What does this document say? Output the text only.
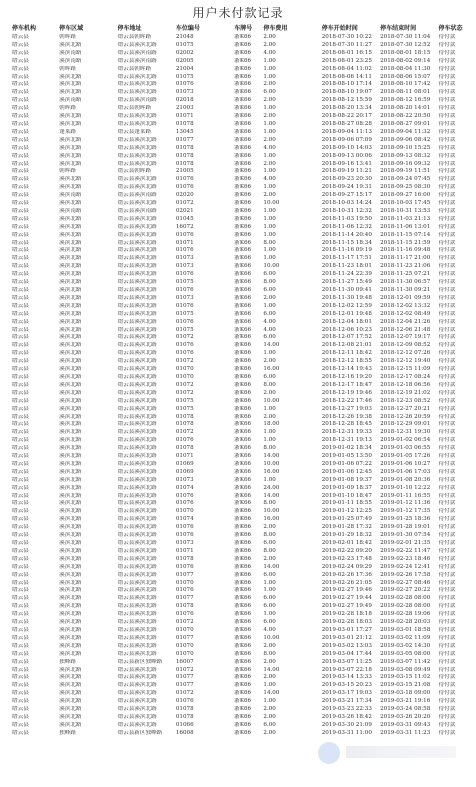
用户未付款记录
停车机构	停车区域	停车地址	车位编号	车牌号	停车费用	停车开始时间	停车结束时间	停车状态
缙云县	朝晖路	缙云县朝晖路	21048	浙K66	2.00	2018-07-30 10:22	2018-07-30 11:04	待付款
缙云县	溪滨北路	缙云县溪滨北路	01075	浙K66	2.00	2018-07-30 11:27	2018-07-30 12:52	待付款
缙云县	溪滨南路	缙云县溪滨南路	02002	浙K66	4.00	2018-08-01 16:15	2018-08-01 18:15	待付款
缙云县	溪滨南路	缙云县溪滨南路	02005	浙K66	1.00	2018-08-01 23:25	2018-08-02 09:14	待付款
缙云县	朝晖路	缙云县朝晖路	21004	浙K66	1.00	2018-08-04 11:02	2018-08-04 11:30	待付款
缙云县	溪滨北路	缙云县溪滨北路	01075	浙K66	1.00	2018-08-06 14:11	2018-08-06 15:07	待付款
缙云县	溪滨北路	缙云县溪滨北路	01076	浙K66	2.00	2018-08-10 17:14	2018-08-10 17:42	待付款
缙云县	溪滨北路	缙云县溪滨北路	01073	浙K66	6.00	2018-08-10 19:07	2018-08-11 08:01	待付款
缙云县	溪滨南路	缙云县溪滨南路	02018	浙K66	2.00	2018-08-12 15:59	2018-08-12 16:59	待付款
缙云县	朝晖路	缙云县朝晖路	21003	浙K66	1.00	2018-08-20 13:34	2018-08-20 14:01	待付款
缙云县	溪滨北路	缙云县溪滨北路	01071	浙K66	2.00	2018-08-22 20:17	2018-08-22 20:50	待付款
缙云县	溪滨北路	缙云县溪滨北路	01078	浙K66	1.00	2018-08-27 08:28	2018-08-27 09:01	待付款
缙云县	蓬莱路	缙云县蓬莱路	13045	浙K66	1.00	2018-09-04 11:13	2018-09-04 11:32	待付款
缙云县	溪滨北路	缙云县溪滨北路	01077	浙K66	2.00	2018-09-06 07:09	2018-09-06 08:42	待付款
缙云县	溪滨北路	缙云县溪滨北路	01078	浙K66	4.00	2018-09-10 14:03	2018-09-10 15:25	待付款
缙云县	溪滨北路	缙云县溪滨北路	01078	浙K66	1.00	2018-09-13 00:06	2018-09-13 08:32	待付款
缙云县	溪滨北路	缙云县溪滨北路	01078	浙K66	2.00	2018-09-16 13:41	2018-09-16 09:32	待付款
缙云县	朝晖路	缙云县朝晖路	21005	浙K66	1.00	2018-09-19 11:21	2018-09-19 11:51	待付款
缙云县	溪滨北路	缙云县溪滨北路	01076	浙K66	4.00	2018-09-23 20:30	2018-09-24 07:45	待付款
缙云县	溪滨北路	缙云县溪滨北路	01076	浙K66	1.00	2018-09-24 19:31	2018-09-25 08:30	待付款
缙云县	溪滨南路	缙云县溪滨南路	02020	浙K66	2.00	2018-09-27 15:17	2018-09-27 16:00	待付款
缙云县	溪滨北路	缙云县溪滨北路	01072	浙K66	10.00	2018-10-03 14:24	2018-10-03 17:45	待付款
缙云县	溪滨南路	缙云县溪滨南路	02021	浙K66	1.00	2018-10-31 12:32	2018-10-31 13:53	待付款
缙云县	溪滨北路	缙云县溪滨北路	01045	浙K66	1.00	2018-11-03 19:50	2018-11-03 21:13	待付款
缙云县	溪滨北路	缙云县溪滨北路	16072	浙K66	1.00	2018-11-06 12:32	2018-11-06 13:01	待付款
缙云县	溪滨北路	缙云县溪滨北路	01076	浙K66	1.00	2018-11-14 20:40	2018-11-15 07:14	待付款
缙云县	溪滨北路	缙云县溪滨北路	01071	浙K66	8.00	2018-11-15 18:34	2018-11-15 21:59	待付款
缙云县	溪滨北路	缙云县溪滨北路	01076	浙K66	1.00	2018-11-16 09:19	2018-11-16 09:48	待付款
缙云县	溪滨北路	缙云县溪滨北路	01073	浙K66	1.00	2018-11-17 17:51	2018-11-17 21:00	待付款
缙云县	溪滨北路	缙云县溪滨北路	01073	浙K66	10.00	2018-11-23 18:01	2018-11-23 21:06	待付款
缙云县	溪滨北路	缙云县溪滨北路	01076	浙K66	6.00	2018-11-24 22:39	2018-11-25 07:21	待付款
缙云县	溪滨北路	缙云县溪滨北路	01075	浙K66	8.00	2018-11-27 15:49	2018-11-30 06:57	待付款
缙云县	溪滨北路	缙云县溪滨北路	01076	浙K66	6.00	2018-11-30 09:41	2018-11-30 09:21	待付款
缙云县	溪滨北路	缙云县溪滨北路	01073	浙K66	2.00	2018-11-30 19:48	2018-12-01 09:59	待付款
缙云县	溪滨北路	缙云县溪滨北路	01076	浙K66	1.00	2018-12-02 12:59	2018-12-02 13:32	待付款
缙云县	溪滨北路	缙云县溪滨北路	01075	浙K66	6.00	2018-12-01 19:48	2018-12-02 08:49	待付款
缙云县	溪滨北路	缙云县溪滨北路	01076	浙K66	4.00	2018-12-04 18:01	2018-12-04 21:26	待付款
缙云县	溪滨北路	缙云县溪滨北路	01075	浙K66	4.00	2018-12-06 10:23	2018-12-06 21:48	待付款
缙云县	溪滨北路	缙云县溪滨北路	01072	浙K66	6.00	2018-12-07 17:52	2018-12-07 19:17	待付款
缙云县	溪滨北路	缙云县溪滨北路	01076	浙K66	14.00	2018-12-08 21:01	2018-12-09 08:52	待付款
缙云县	溪滨北路	缙云县溪滨北路	01076	浙K66	1.00	2018-12-11 18:42	2018-12-12 07:26	待付款
缙云县	溪滨北路	缙云县溪滨北路	01072	浙K66	2.00	2018-12-12 18:55	2018-12-12 19:40	待付款
缙云县	溪滨北路	缙云县溪滨北路	01070	浙K66	16.00	2018-12-14 19:43	2018-12-15 11:09	待付款
缙云县	溪滨北路	缙云县溪滨北路	01070	浙K66	6.00	2018-12-16 19:20	2018-12-17 08:24	待付款
缙云县	溪滨北路	缙云县溪滨北路	01072	浙K66	8.00	2018-12-17 18:47	2018-12-18 06:56	待付款
缙云县	溪滨北路	缙云县溪滨北路	01072	浙K66	2.00	2018-12-19 19:46	2018-12-19 21:02	待付款
缙云县	溪滨北路	缙云县溪滨北路	01075	浙K66	10.00	2018-12-22 17:46	2018-12-23 08:52	待付款
缙云县	溪滨北路	缙云县溪滨北路	01075	浙K66	1.00	2018-12-27 19:03	2018-12-27 20:21	待付款
缙云县	溪滨北路	缙云县溪滨北路	01078	浙K66	2.00	2018-12-26 19:38	2018-12-26 20:59	待付款
缙云县	溪滨北路	缙云县溪滨北路	01078	浙K66	18.00	2018-12-28 18:45	2018-12-29 09:01	待付款
缙云县	溪滨北路	缙云县溪滨北路	01072	浙K66	1.00	2018-12-31 19:33	2018-12-31 19:30	待付款
缙云县	溪滨北路	缙云县溪滨北路	01076	浙K66	1.00	2018-12-31 19:13	2019-01-02 06:54	待付款
缙云县	溪滨北路	缙云县溪滨北路	01078	浙K66	8.00	2019-01-02 18:34	2019-01-03 06:55	待付款
缙云县	溪滨北路	缙云县溪滨北路	01071	浙K66	14.00	2019-01-05 13:50	2019-01-05 17:26	待付款
缙云县	溪滨北路	缙云县溪滨北路	01069	浙K66	10.00	2019-01-06 07:22	2019-01-06 10:27	待付款
缙云县	溪滨北路	缙云县溪滨北路	01069	浙K66	16.00	2019-01-06 12:45	2019-01-06 17:03	待付款
缙云县	溪滨北路	缙云县溪滨北路	01073	浙K66	1.00	2019-01-08 19:37	2019-01-08 20:36	待付款
缙云县	溪滨北路	缙云县溪滨北路	01074	浙K66	24.00	2019-01-09 18:37	2019-01-10 12:22	待付款
缙云县	溪滨北路	缙云县溪滨北路	01076	浙K66	14.00	2019-01-10 18:47	2019-01-11 16:55	待付款
缙云县	溪滨北路	缙云县溪滨北路	01076	浙K66	8.00	2019-01-11 18:55	2019-01-12 11:36	待付款
缙云县	溪滨北路	缙云县溪滨北路	01070	浙K66	10.00	2019-01-12 12:25	2019-01-12 17:35	待付款
缙云县	溪滨北路	缙云县溪滨北路	01074	浙K66	16.00	2019-01-25 07:49	2019-01-25 18:36	待付款
缙云县	溪滨北路	缙云县溪滨北路	01076	浙K66	2.00	2019-01-28 17:32	2019-01-28 19:01	待付款
缙云县	溪滨北路	缙云县溪滨北路	01076	浙K66	8.00	2019-01-29 18:32	2019-01-30 07:54	待付款
缙云县	溪滨北路	缙云县溪滨北路	01073	浙K66	6.00	2019-02-01 18:42	2019-02-01 21:35	待付款
缙云县	溪滨北路	缙云县溪滨北路	01071	浙K66	8.00	2019-02-22 09:20	2019-02-22 11:47	待付款
缙云县	溪滨北路	缙云县溪滨北路	01078	浙K66	2.00	2019-02-23 17:48	2019-02-23 18:46	待付款
缙云县	溪滨北路	缙云县溪滨北路	01076	浙K66	14.00	2019-02-24 09:29	2019-02-24 12:41	待付款
缙云县	溪滨北路	缙云县溪滨北路	01077	浙K66	6.00	2019-02-26 17:36	2019-02-26 17:58	待付款
缙云县	溪滨北路	缙云县溪滨北路	01070	浙K66	1.00	2019-02-26 21:05	2019-02-27 08:46	待付款
缙云县	溪滨北路	缙云县溪滨北路	01076	浙K66	1.00	2019-02-27 19:46	2019-02-27 20:22	待付款
缙云县	溪滨北路	缙云县溪滨北路	01077	浙K66	6.00	2019-02-27 19:44	2019-02-28 08:00	待付款
缙云县	溪滨北路	缙云县溪滨北路	01078	浙K66	6.00	2019-02-27 19:49	2019-02-28 08:00	待付款
缙云县	溪滨北路	缙云县溪滨北路	01076	浙K66	1.00	2019-02-28 18:18	2019-02-28 19:06	待付款
缙云县	溪滨北路	缙云县溪滨北路	01072	浙K66	6.00	2019-02-28 18:03	2019-02-28 20:03	待付款
缙云县	溪滨北路	缙云县溪滨北路	01070	浙K66	4.00	2019-03-01 17:27	2019-03-01 18:58	待付款
缙云县	溪滨北路	缙云县溪滨北路	01077	浙K66	10.00	2019-03-01 21:12	2019-03-02 11:09	待付款
缙云县	溪滨北路	缙云县溪滨北路	01070	浙K66	2.00	2019-03-02 13:03	2019-03-02 14:30	待付款
缙云县	溪滨北路	缙云县溪滨北路	01070	浙K66	8.00	2019-03-04 17:44	2019-03-05 08:00	待付款
缙云县	独峰路	缙云县新区独峰路	16007	浙K66	2.00	2019-03-07 11:25	2019-03-07 11:42	待付款
缙云县	溪滨北路	缙云县溪滨北路	01072	浙K66	14.00	2019-03-07 22:18	2019-03-08 09:49	待付款
缙云县	溪滨北路	缙云县溪滨北路	01077	浙K66	2.00	2019-03-14 13:33	2019-03-15 11:02	待付款
缙云县	溪滨北路	缙云县溪滨北路	01077	浙K66	1.00	2019-03-15 20:23	2019-03-15 21:08	待付款
缙云县	溪滨北路	缙云县溪滨北路	01072	浙K66	14.00	2019-03-17 19:03	2019-03-18 09:00	待付款
缙云县	溪滨北路	缙云县溪滨北路	01076	浙K66	1.00	2019-03-21 17:34	2019-03-21 19:16	待付款
缙云县	溪滨北路	缙云县溪滨北路	01078	浙K66	2.00	2019-03-23 22:33	2019-03-24 08:58	待付款
缙云县	溪滨北路	缙云县溪滨北路	01078	浙K66	2.00	2019-03-26 18:42	2019-03-26 20:20	待付款
缙云县	溪滨北路	缙云县溪滨北路	01066	浙K66	6.00	2019-03-30 21:09	2019-03-31 09:43	待付款
缙云县	独峰路	缙云县新区独峰路	16008	浙K66	2.00	2019-03-31 11:00	2019-03-31 11:23	待付款
